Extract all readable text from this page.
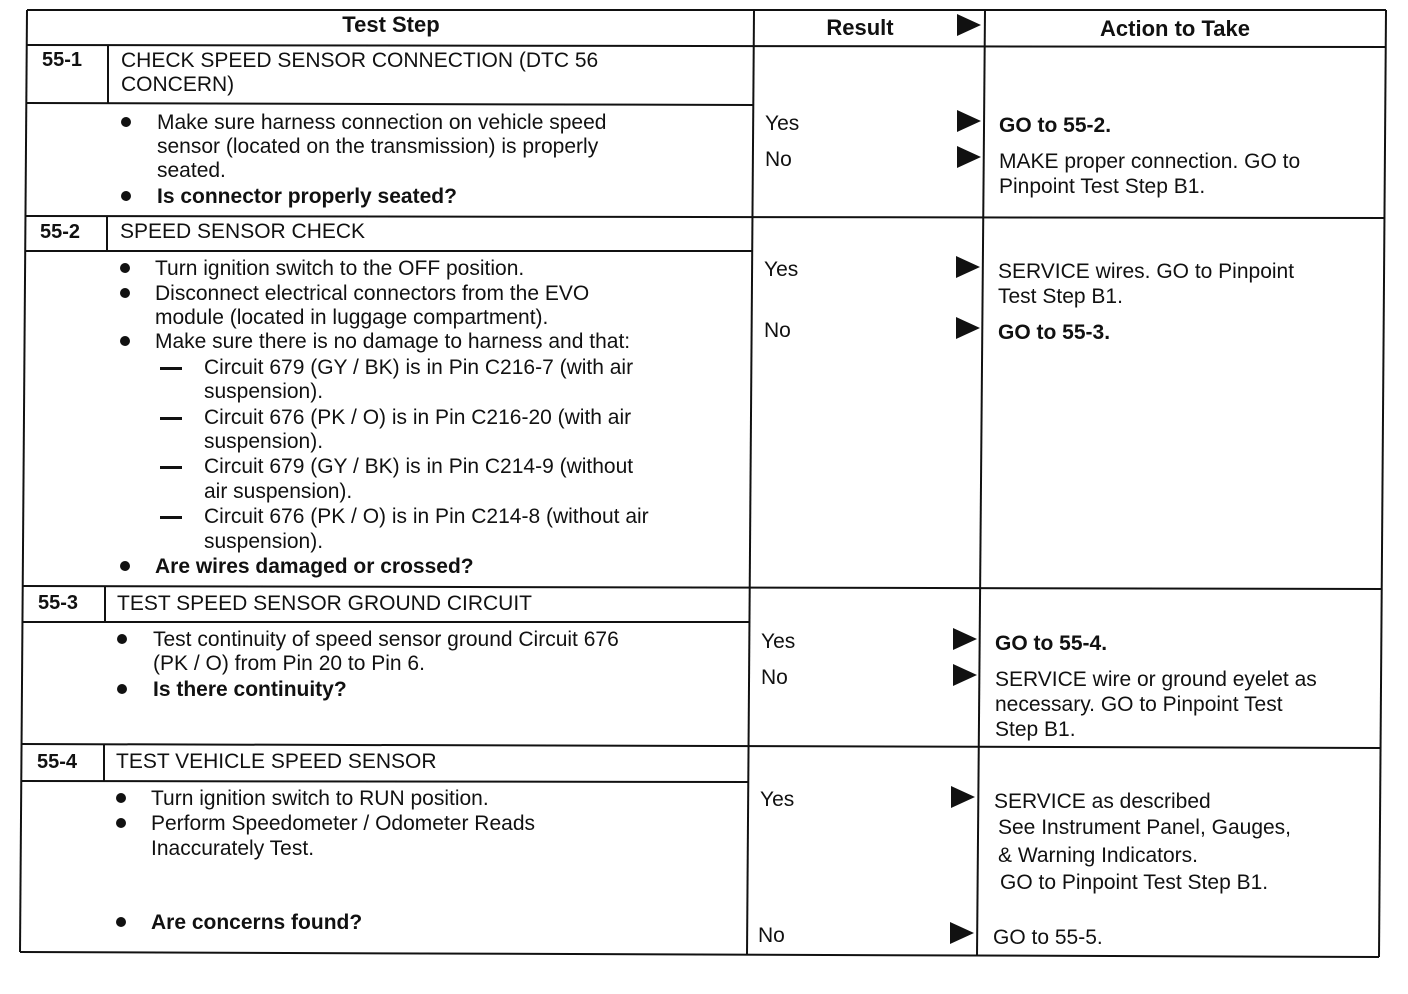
Test Step	Result	Action to Take
55-1 CHECK SPEED SENSOR CONNECTION (DTC 56
CONCERN)
Make sure harness connection on vehicle speed
sensor (located on the transmission) is properly
seated.
Is connector properly seated?
Yes	GO to 55-2.
No	MAKE proper connection. GO to
Pinpoint Test Step B1.
55-2 SPEED SENSOR CHECK
Turn ignition switch to the OFF position.
Disconnect electrical connectors from the EVO
module (located in luggage compartment).
Make sure there is no damage to harness and that:
Circuit 679 (GY / BK) is in Pin C216-7 (with air
suspension).
Circuit 676 (PK / O) is in Pin C216-20 (with air
suspension).
Circuit 679 (GY / BK) is in Pin C214-9 (without
air suspension).
Circuit 676 (PK / O) is in Pin C214-8 (without air
suspension).
Are wires damaged or crossed?
Yes	SERVICE wires. GO to Pinpoint
Test Step B1.
No	GO to 55-3.
55-3 TEST SPEED SENSOR GROUND CIRCUIT
Test continuity of speed sensor ground Circuit 676
(PK / O) from Pin 20 to Pin 6.
Is there continuity?
Yes	GO to 55-4.
No	SERVICE wire or ground eyelet as
necessary. GO to Pinpoint Test
Step B1.
55-4 TEST VEHICLE SPEED SENSOR
Turn ignition switch to RUN position.
Perform Speedometer / Odometer Reads
Inaccurately Test.
Are concerns found?
Yes	SERVICE as described
See Instrument Panel, Gauges,
& Warning Indicators.
GO to Pinpoint Test Step B1.
No	GO to 55-5.
